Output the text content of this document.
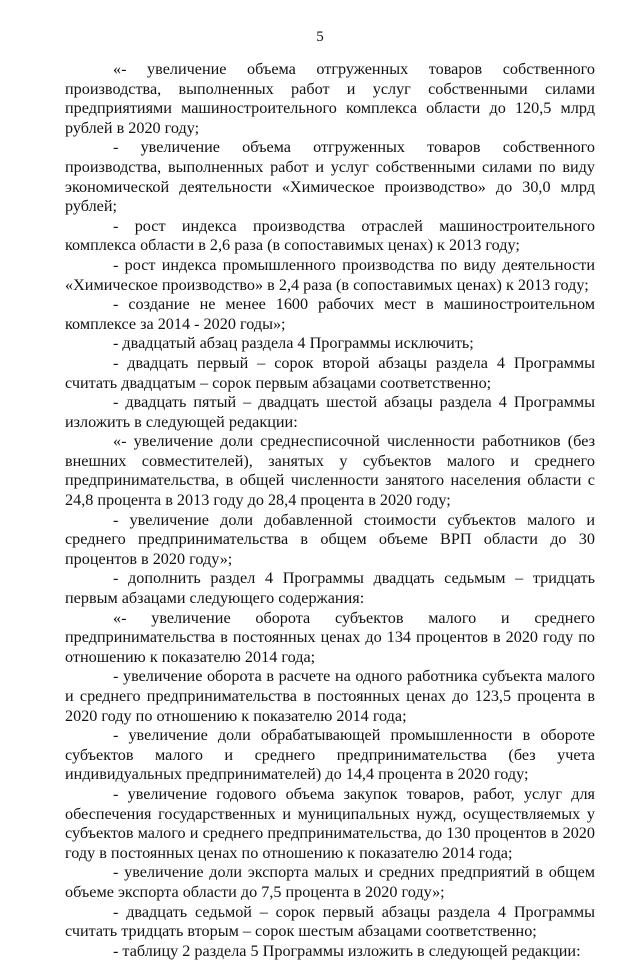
5

«- увеличение объема отгруженных товаров собственного производства, выполненных работ и услуг собственными силами предприятиями машиностроительного комплекса области до 120,5 млрд рублей в 2020 году;

- увеличение объема отгруженных товаров собственного производства, выполненных работ и услуг собственными силами по виду экономической деятельности «Химическое производство» до 30,0 млрд рублей;

- рост индекса производства отраслей машиностроительного комплекса области в 2,6 раза (в сопоставимых ценах) к 2013 году;

- рост индекса промышленного производства по виду деятельности «Химическое производство» в 2,4 раза (в сопоставимых ценах) к 2013 году;

- создание не менее 1600 рабочих мест в машиностроительном комплексе за 2014 - 2020 годы»;

- двадцатый абзац раздела 4 Программы исключить;

- двадцать первый – сорок второй абзацы раздела 4 Программы считать двадцатым – сорок первым абзацами соответственно;

- двадцать пятый – двадцать шестой абзацы раздела 4 Программы изложить в следующей редакции:

«- увеличение доли среднесписочной численности работников (без внешних совместителей), занятых у субъектов малого и среднего предпринимательства, в общей численности занятого населения области с 24,8 процента в 2013 году до 28,4 процента в 2020 году;

- увеличение доли добавленной стоимости субъектов малого и среднего предпринимательства в общем объеме ВРП области до 30 процентов в 2020 году»;

- дополнить раздел 4 Программы двадцать седьмым – тридцать первым абзацами следующего содержания:

«- увеличение оборота субъектов малого и среднего предпринимательства в постоянных ценах до 134 процентов в 2020 году по отношению к показателю 2014 года;

- увеличение оборота в расчете на одного работника субъекта малого и среднего предпринимательства в постоянных ценах до 123,5 процента в 2020 году по отношению к показателю 2014 года;

- увеличение доли обрабатывающей промышленности в обороте субъектов малого и среднего предпринимательства (без учета индивидуальных предпринимателей) до 14,4 процента в 2020 году;

- увеличение годового объема закупок товаров, работ, услуг для обеспечения государственных и муниципальных нужд, осуществляемых у субъектов малого и среднего предпринимательства, до 130 процентов в 2020 году в постоянных ценах по отношению к показателю 2014 года;

- увеличение доли экспорта малых и средних предприятий в общем объеме экспорта области до 7,5 процента в 2020 году»;

- двадцать седьмой – сорок первый абзацы раздела 4 Программы считать тридцать вторым – сорок шестым абзацами соответственно;

- таблицу 2 раздела 5 Программы изложить в следующей редакции:
